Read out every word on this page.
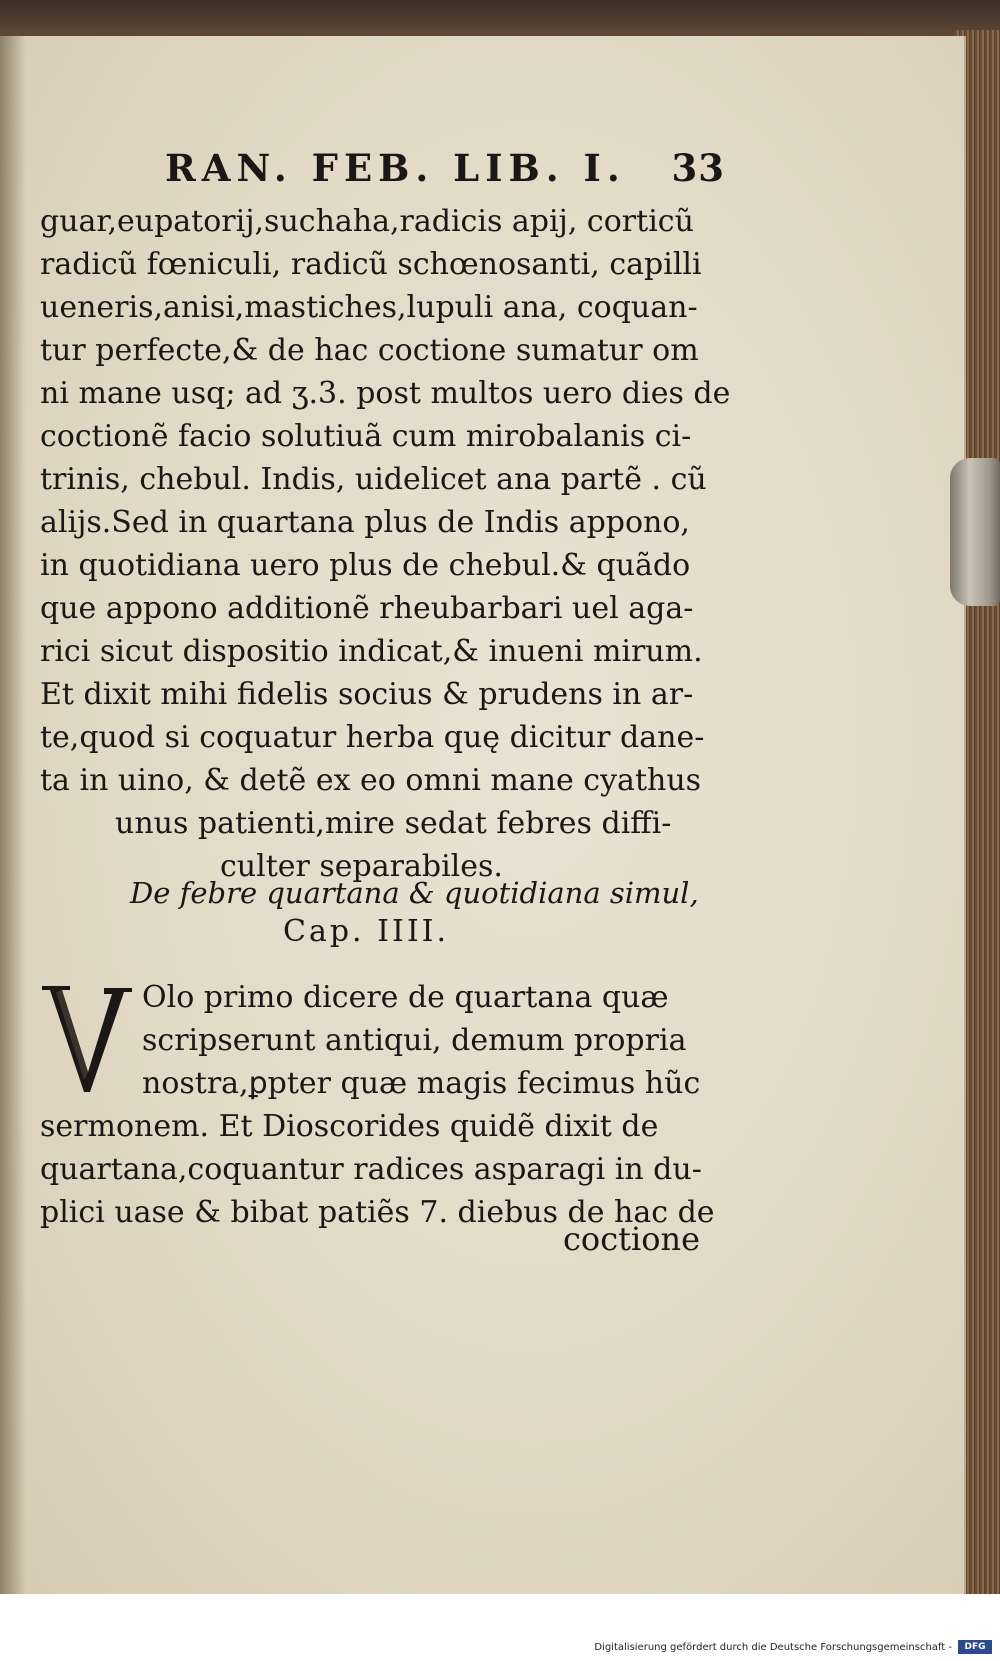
RAN. FEB. LIB. I. 33
guar,eupatorij,suchaha,radicis apij, corticũ
radicũ fœniculi, radicũ schœnosanti, capilli
ueneris,anisi,mastiches,lupuli ana, coquan-
tur perfecte,& de hac coctione sumatur om
ni mane usq; ad ʒ.3. post multos uero dies de
coctionẽ facio solutiuã cum mirobalanis ci-
trinis, chebul. Indis, uidelicet ana partẽ . cũ
alijs.Sed in quartana plus de Indis appono,
in quotidiana uero plus de chebul.& quãdo
que appono additionẽ rheubarbari uel aga-
rici sicut dispositio indicat,& inueni mirum.
Et dixit mihi fidelis socius & prudens in ar-
te,quod si coquatur herba quę dicitur dane-
ta in uino, & detẽ ex eo omni mane cyathus
unus patienti,mire sedat febres diffi-
culter separabiles.
De febre quartana & quotidiana simul,
Cap. IIII.
Olo primo dicere de quartana quæ
scripserunt antiqui, demum propria
nostra,ꝑpter quæ magis fecimus hũc
sermonem. Et Dioscorides quidẽ dixit de
quartana,coquantur radices asparagi in du-
plici uase & bibat patiẽs 7. diebus de hac de
coctione
Digitalisierung gefördert durch die Deutsche Forschungsgemeinschaft -	DFG
